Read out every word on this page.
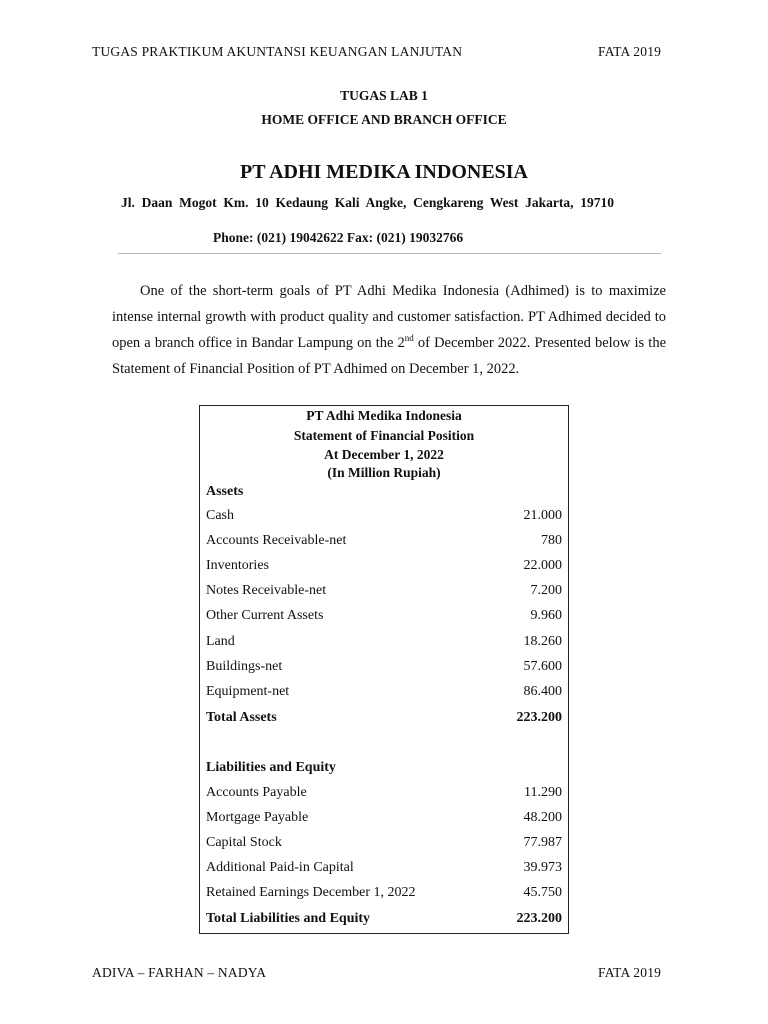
TUGAS PRAKTIKUM AKUNTANSI KEUANGAN LANJUTAN	FATA 2019
TUGAS LAB 1
HOME OFFICE AND BRANCH OFFICE
PT ADHI MEDIKA INDONESIA
Jl.  Daan  Mogot  Km.  10  Kedaung  Kali  Angke,  Cengkareng  West  Jakarta,  19710
Phone: (021) 19042622 Fax: (021) 19032766

One of the short-term goals of PT Adhi Medika Indonesia (Adhimed) is to maximize intense internal growth with product quality and customer satisfaction. PT Adhimed decided to open a branch office in Bandar Lampung on the 2nd of December 2022. Presented below is the Statement of Financial Position of PT Adhimed on December 1, 2022.

PT Adhi Medika Indonesia
Statement of Financial Position
At December 1, 2022
(In Million Rupiah)
Assets
Cash	21.000
Accounts Receivable-net	780
Inventories	22.000
Notes Receivable-net	7.200
Other Current Assets	9.960
Land	18.260
Buildings-net	57.600
Equipment-net	86.400
Total Assets	223.200
Liabilities and Equity
Accounts Payable	11.290
Mortgage Payable	48.200
Capital Stock	77.987
Additional Paid-in Capital	39.973
Retained Earnings December 1, 2022	45.750
Total Liabilities and Equity	223.200
ADIVA – FARHAN – NADYA	FATA 2019
